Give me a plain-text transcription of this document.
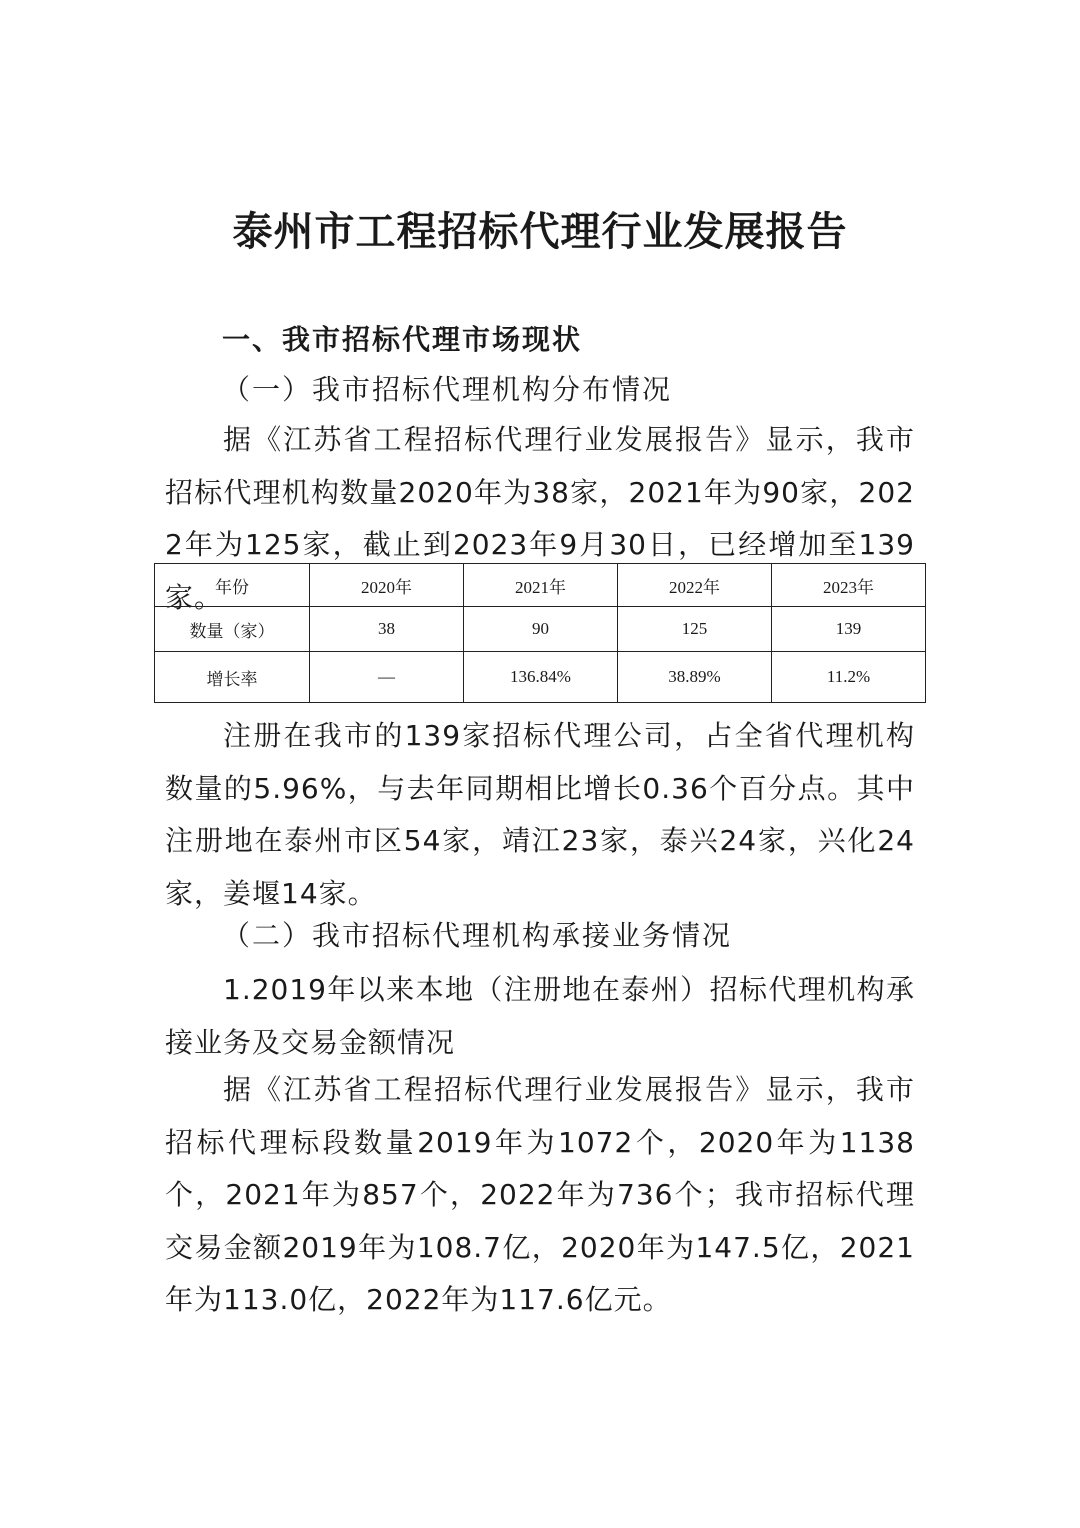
泰州市工程招标代理行业发展报告
一、我市招标代理市场现状
（一）我市招标代理机构分布情况

据《江苏省工程招标代理行业发展报告》显示，我市招标代理机构数量2020年为38家，2021年为90家，2022年为125家，截止到2023年9月30日，已经增加至139家。

年份	2020年	2021年	2022年	2023年
数量（家）	38	90	125	139
增长率	—	136.84%	38.89%	11.2%

注册在我市的139家招标代理公司，占全省代理机构数量的5.96%，与去年同期相比增长0.36个百分点。其中注册地在泰州市区54家，靖江23家，泰兴24家，兴化24家，姜堰14家。

（二）我市招标代理机构承接业务情况

1.2019年以来本地（注册地在泰州）招标代理机构承接业务及交易金额情况

据《江苏省工程招标代理行业发展报告》显示，我市招标代理标段数量2019年为1072个，2020年为1138个，2021年为857个，2022年为736个；我市招标代理交易金额2019年为108.7亿，2020年为147.5亿，2021年为113.0亿，2022年为117.6亿元。
